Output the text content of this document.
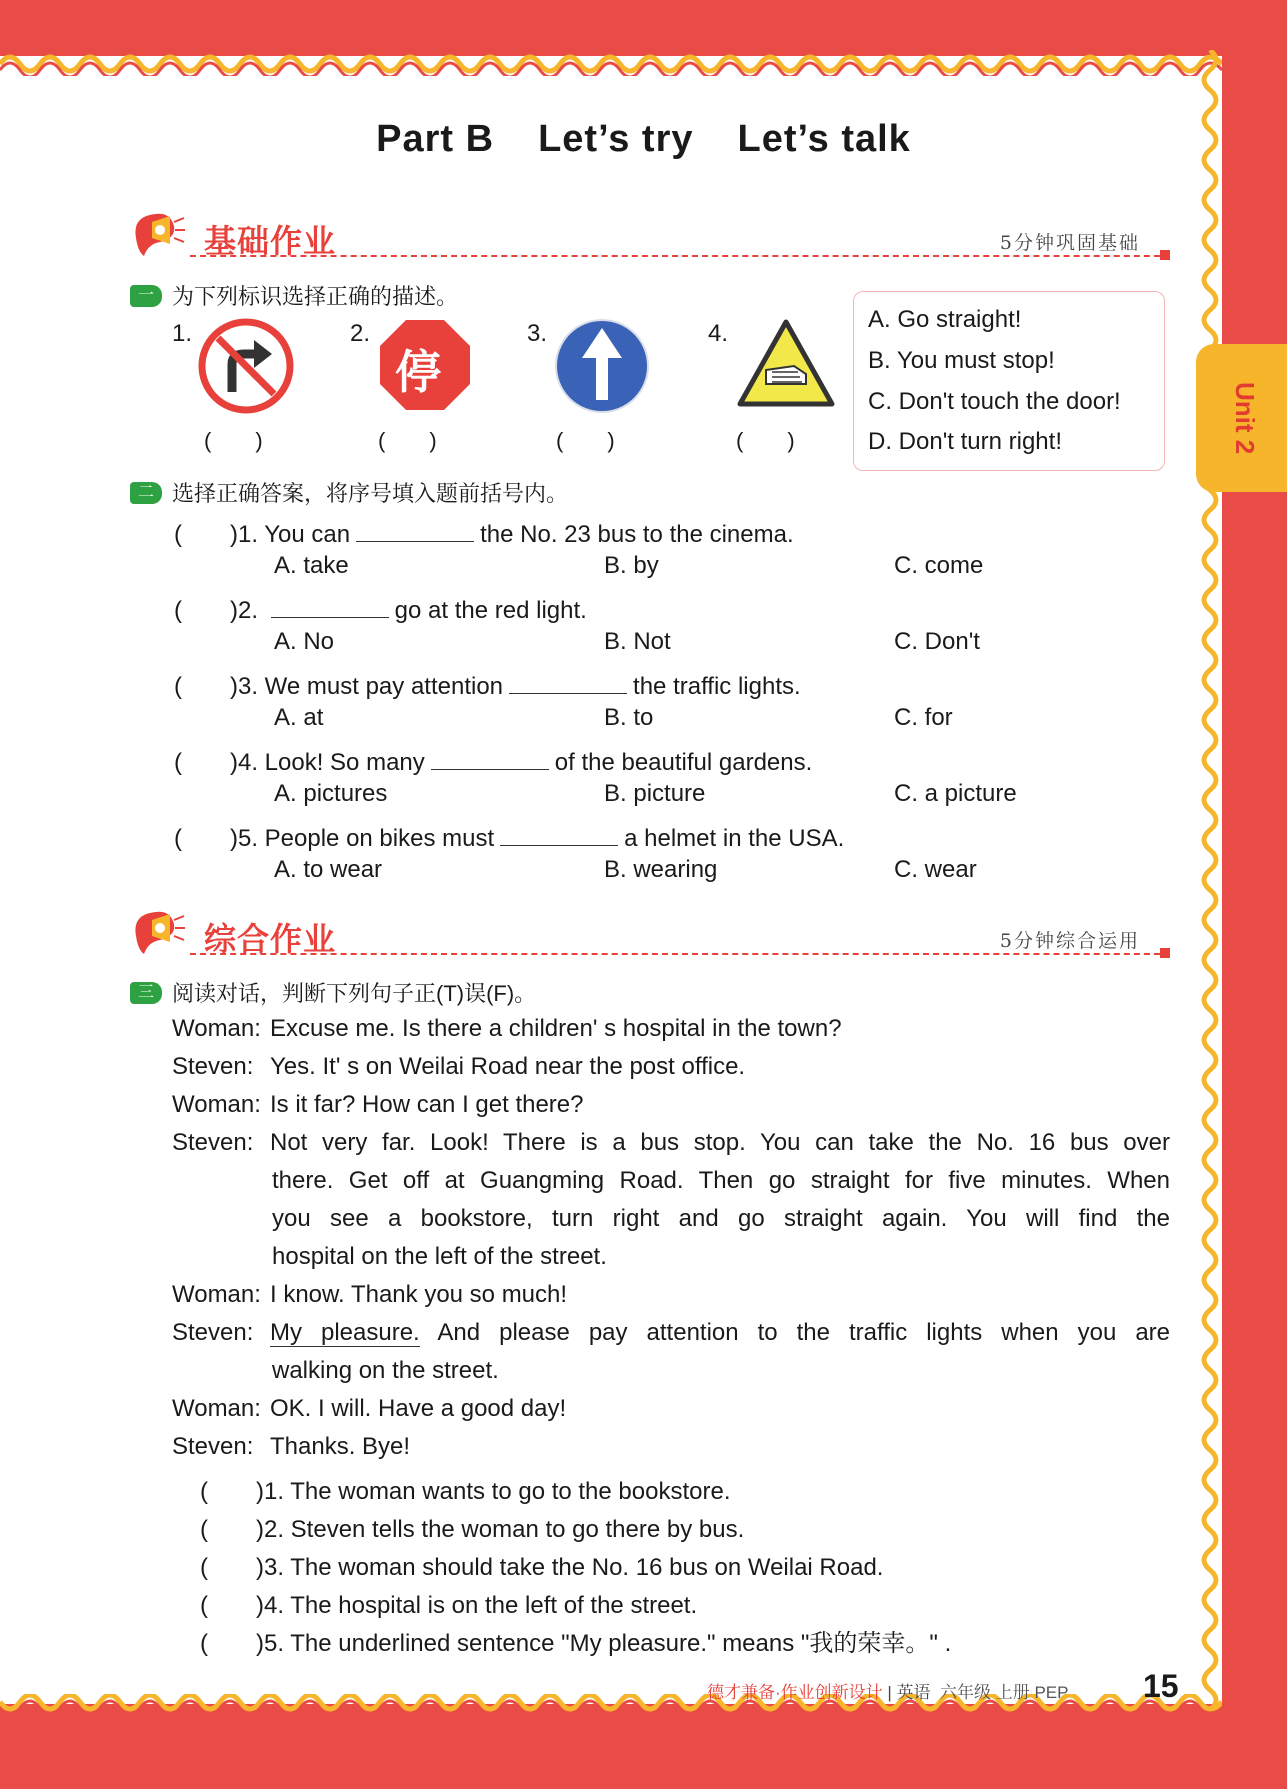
Part B Let’s try Let’s talk
Unit 2
基础作业	5分钟巩固基础
一 为下列标识选择正确的描述。
1.
(　　)
2.
停
(　　)
3.
(　　)
4.
(　　)
A. Go straight!
B. You must stop!
C. Don't touch the door!
D. Don't turn right!
二 选择正确答案，将序号填入题前括号内。
(　　)1. You can	the No. 23 bus to the cinema.
A. take	B. by	C. come
(　　)2.	go at the red light.
A. No	B. Not	C. Don't
(　　)3. We must pay attention	the traffic lights.
A. at	B. to	C. for
(　　)4. Look! So many	of the beautiful gardens.
A. pictures	B. picture	C. a picture
(　　)5. People on bikes must	a helmet in the USA.
A. to wear	B. wearing	C. wear
综合作业	5分钟综合运用
三 阅读对话，判断下列句子正(T)误(F)。
Woman: Excuse me. Is there a children' s hospital in the town?
Steven: Yes. It' s on Weilai Road near the post office.
Woman: Is it far? How can I get there?
Steven: Not very far. Look! There is a bus stop. You can take the No. 16 bus over
there. Get off at Guangming Road. Then go straight for five minutes. When
you see a bookstore, turn right and go straight again. You will find the
hospital on the left of the street.
Woman: I know. Thank you so much!
Steven: My pleasure. And please pay attention to the traffic lights when you are
walking on the street.
Woman: OK. I will. Have a good day!
Steven: Thanks. Bye!
(　　)1. The woman wants to go to the bookstore.
(　　)2. Steven tells the woman to go there by bus.
(　　)3. The woman should take the No. 16 bus on Weilai Road.
(　　)4. The hospital is on the left of the street.
(　　)5. The underlined sentence "My pleasure." means "我的荣幸。" .
德才兼备·作业创新设计 | 英语 六年级 上册 PEP 15
